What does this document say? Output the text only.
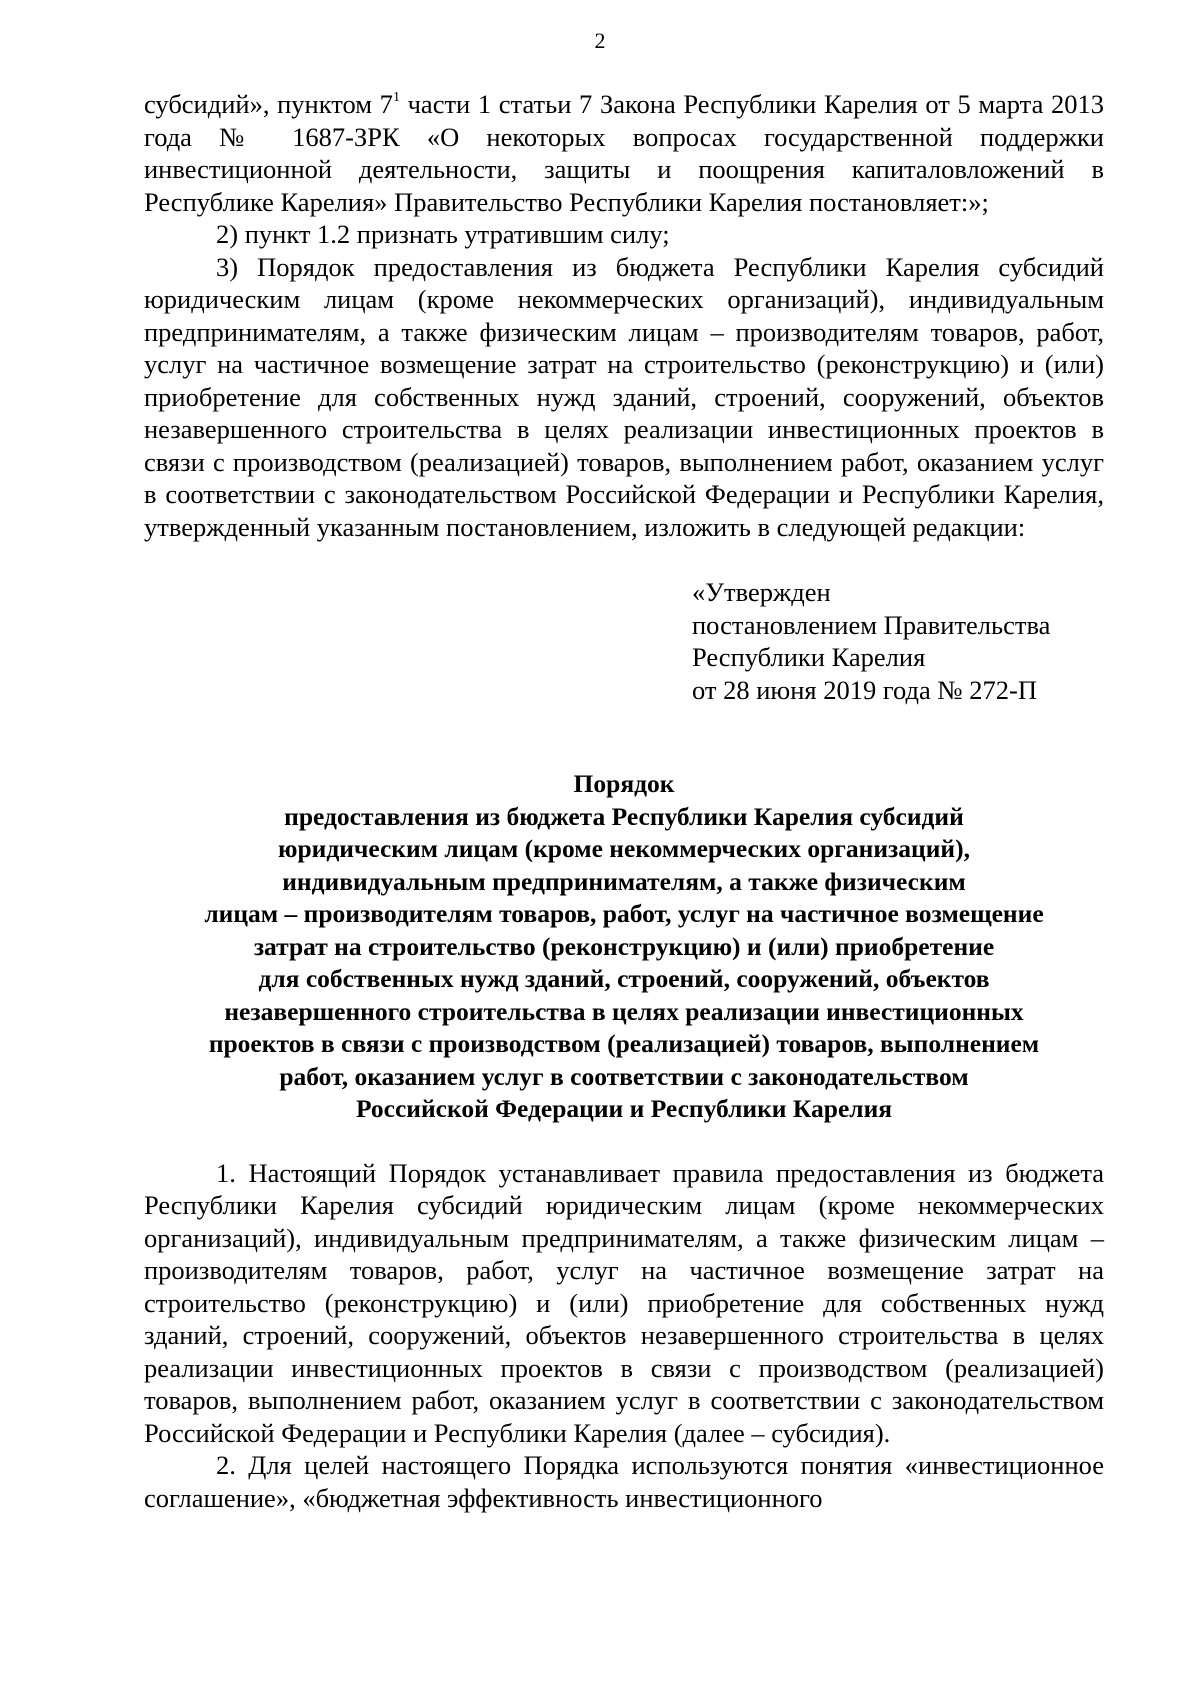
2

субсидий», пунктом $7^1$ части 1 статьи 7 Закона Республики Карелия от 5 марта 2013 года № 1687-ЗРК «О некоторых вопросах государственной поддержки инвестиционной деятельности, защиты и поощрения капиталовложений в Республике Карелия» Правительство Республики Карелия постановляет:»;

2) пункт 1.2 признать утратившим силу;

3) Порядок предоставления из бюджета Республики Карелия субсидий юридическим лицам (кроме некоммерческих организаций), индивидуальным предпринимателям, а также физическим лицам – производителям товаров, работ, услуг на частичное возмещение затрат на строительство (реконструкцию) и (или) приобретение для собственных нужд зданий, строений, сооружений, объектов незавершенного строительства в целях реализации инвестиционных проектов в связи с производством (реализацией) товаров, выполнением работ, оказанием услуг в соответствии с законодательством Российской Федерации и Республики Карелия, утвержденный указанным постановлением, изложить в следующей редакции:

«Утвержден
постановлением Правительства
Республики Карелия
от 28 июня 2019 года № 272-П
Порядок
предоставления из бюджета Республики Карелия субсидий
юридическим лицам (кроме некоммерческих организаций),
индивидуальным предпринимателям, а также физическим
лицам – производителям товаров, работ, услуг на частичное возмещение
затрат на строительство (реконструкцию) и (или) приобретение
для собственных нужд зданий, строений, сооружений, объектов
незавершенного строительства в целях реализации инвестиционных
проектов в связи с производством (реализацией) товаров, выполнением
работ, оказанием услуг в соответствии с законодательством
Российской Федерации и Республики Карелия

1. Настоящий Порядок устанавливает правила предоставления из бюджета Республики Карелия субсидий юридическим лицам (кроме некоммерческих организаций), индивидуальным предпринимателям, а также физическим лицам – производителям товаров, работ, услуг на частичное возмещение затрат на строительство (реконструкцию) и (или) приобретение для собственных нужд зданий, строений, сооружений, объектов незавершенного строительства в целях реализации инвестиционных проектов в связи с производством (реализацией) товаров, выполнением работ, оказанием услуг в соответствии с законодательством Российской Федерации и Республики Карелия (далее – субсидия).

2. Для целей настоящего Порядка используются понятия «инвестиционное соглашение», «бюджетная эффективность инвестиционного
